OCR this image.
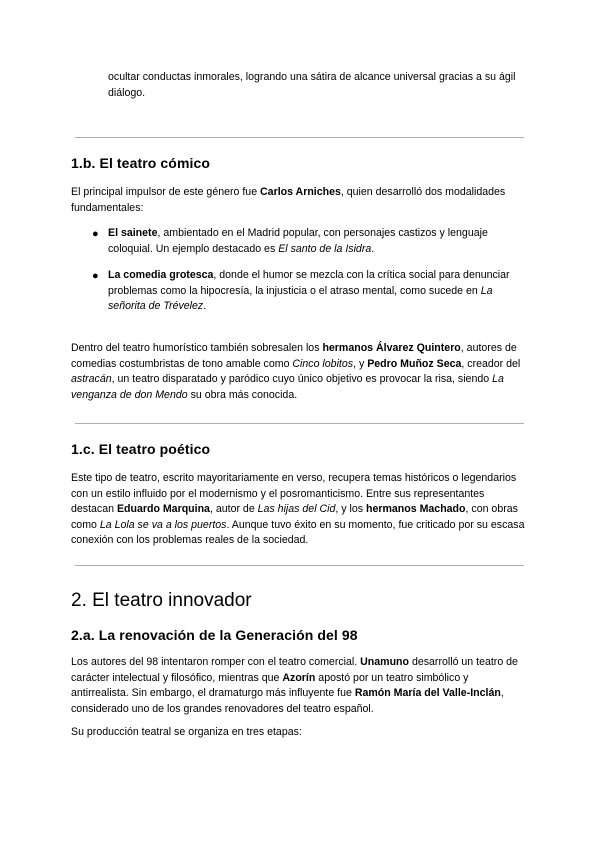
ocultar conductas inmorales, logrando una sátira de alcance universal gracias a su ágil diálogo.

1.b. El teatro cómico

El principal impulsor de este género fue Carlos Arniches, quien desarrolló dos modalidades fundamentales:

● El sainete, ambientado en el Madrid popular, con personajes castizos y lenguaje coloquial. Un ejemplo destacado es El santo de la Isidra.

● La comedia grotesca, donde el humor se mezcla con la crítica social para denunciar problemas como la hipocresía, la injusticia o el atraso mental, como sucede en La señorita de Trévelez.

Dentro del teatro humorístico también sobresalen los hermanos Álvarez Quintero, autores de comedias costumbristas de tono amable como Cinco lobitos, y Pedro Muñoz Seca, creador del astracán, un teatro disparatado y paródico cuyo único objetivo es provocar la risa, siendo La venganza de don Mendo su obra más conocida.

1.c. El teatro poético

Este tipo de teatro, escrito mayoritariamente en verso, recupera temas históricos o legendarios con un estilo influido por el modernismo y el posromanticismo. Entre sus representantes destacan Eduardo Marquina, autor de Las hijas del Cid, y los hermanos Machado, con obras como La Lola se va a los puertos. Aunque tuvo éxito en su momento, fue criticado por su escasa conexión con los problemas reales de la sociedad.

2. El teatro innovador
2.a. La renovación de la Generación del 98

Los autores del 98 intentaron romper con el teatro comercial. Unamuno desarrolló un teatro de carácter intelectual y filosófico, mientras que Azorín apostó por un teatro simbólico y antirrealista. Sin embargo, el dramaturgo más influyente fue Ramón María del Valle-Inclán, considerado uno de los grandes renovadores del teatro español.

Su producción teatral se organiza en tres etapas:
